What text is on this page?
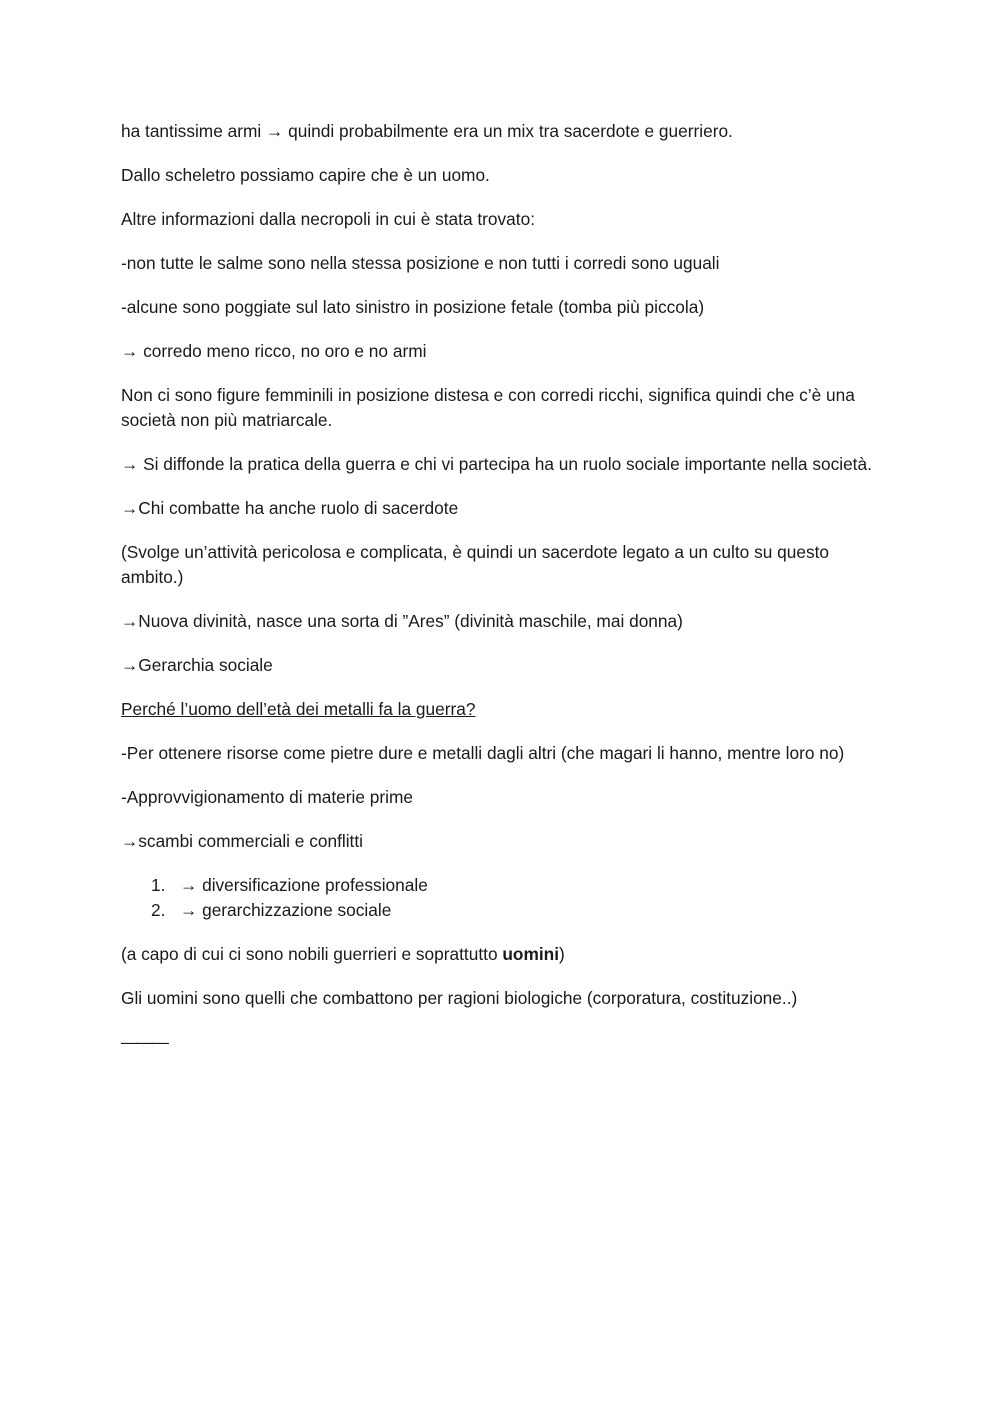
ha tantissime armi → quindi probabilmente era un mix tra sacerdote e guerriero.

Dallo scheletro possiamo capire che è un uomo.

Altre informazioni dalla necropoli in cui è stata trovato:

-non tutte le salme sono nella stessa posizione e non tutti i corredi sono uguali

-alcune sono poggiate sul lato sinistro in posizione fetale (tomba più piccola)

→ corredo meno ricco, no oro e no armi

Non ci sono figure femminili in posizione distesa e con corredi ricchi, significa quindi che c’è una società non più matriarcale.

→ Si diffonde la pratica della guerra e chi vi partecipa ha un ruolo sociale importante nella società.

→Chi combatte ha anche ruolo di sacerdote

(Svolge un’attività pericolosa e complicata, è quindi un sacerdote legato a un culto su questo ambito.)

→Nuova divinità, nasce una sorta di ”Ares” (divinità maschile, mai donna)

→Gerarchia sociale

Perché l’uomo dell’età dei metalli fa la guerra?

-Per ottenere risorse come pietre dure e metalli dagli altri (che magari li hanno, mentre loro no)

-Approvvigionamento di materie prime

→scambi commerciali e conflitti

1. → diversificazione professionale
2. → gerarchizzazione sociale

(a capo di cui ci sono nobili guerrieri e soprattutto uomini)

Gli uomini sono quelli che combattono per ragioni biologiche (corporatura, costituzione..)

———
